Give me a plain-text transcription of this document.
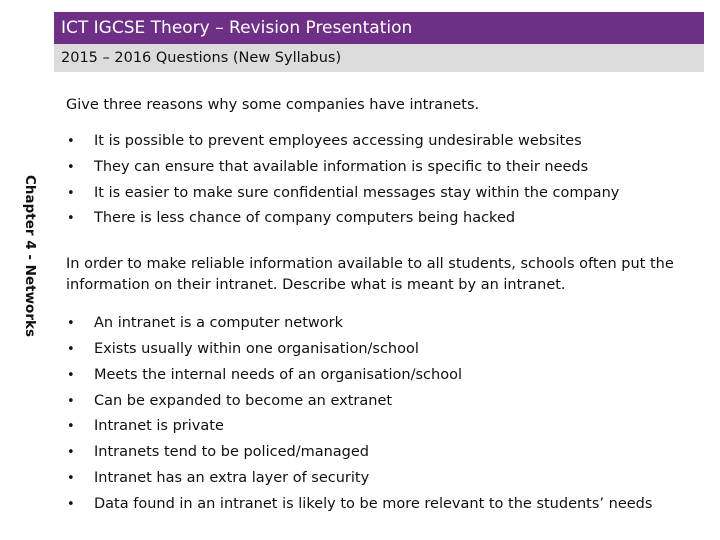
Chapter 4 - Networks
ICT IGCSE Theory – Revision Presentation
2015 – 2016 Questions (New Syllabus)

Give three reasons why some companies have intranets.

• It is possible to prevent employees accessing undesirable websites
• They can ensure that available information is specific to their needs
• It is easier to make sure confidential messages stay within the company
• There is less chance of company computers being hacked

In order to make reliable information available to all students, schools often put the information on their intranet. Describe what is meant by an intranet.

• An intranet is a computer network
• Exists usually within one organisation/school
• Meets the internal needs of an organisation/school
• Can be expanded to become an extranet
• Intranet is private
• Intranets tend to be policed/managed
• Intranet has an extra layer of security
• Data found in an intranet is likely to be more relevant to the students’ needs
